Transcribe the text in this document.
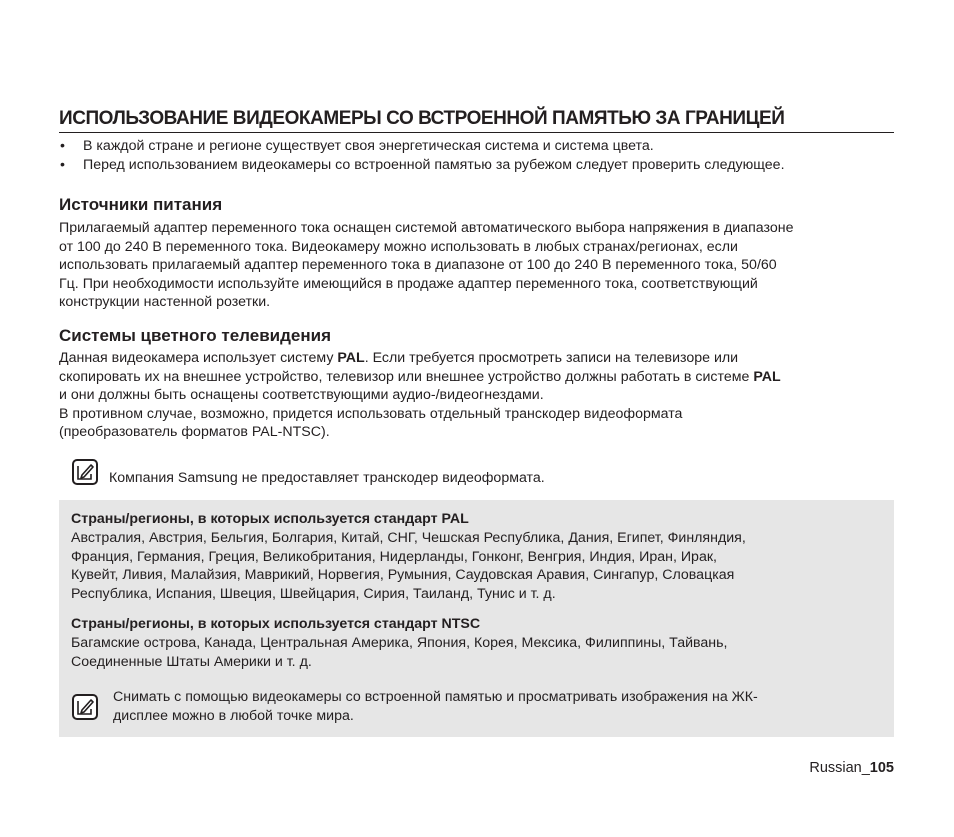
ИСПОЛЬЗОВАНИЕ ВИДЕОКАМЕРЫ СО ВСТРОЕННОЙ ПАМЯТЬЮ ЗА ГРАНИЦЕЙ
• В каждой стране и регионе существует своя энергетическая система и система цвета.
• Перед использованием видеокамеры со встроенной памятью за рубежом следует проверить следующее.
Источники питания
Прилагаемый адаптер переменного тока оснащен системой автоматического выбора напряжения в диапазоне
от 100 до 240 В переменного тока. Видеокамеру можно использовать в любых странах/регионах, если
использовать прилагаемый адаптер переменного тока в диапазоне от 100 до 240 В переменного тока, 50/60
Гц. При необходимости используйте имеющийся в продаже адаптер переменного тока, соответствующий
конструкции настенной розетки.
Системы цветного телевидения
Данная видеокамера использует систему PAL. Если требуется просмотреть записи на телевизоре или
скопировать их на внешнее устройство, телевизор или внешнее устройство должны работать в системе PAL
и они должны быть оснащены соответствующими аудио-/видеогнездами.
В противном случае, возможно, придется использовать отдельный транскодер видеоформата
(преобразователь форматов PAL-NTSC).
Компания Samsung не предоставляет транскодер видеоформата.
Страны/регионы, в которых используется стандарт PAL
Австралия, Австрия, Бельгия, Болгария, Китай, СНГ, Чешская Республика, Дания, Египет, Финляндия,
Франция, Германия, Греция, Великобритания, Нидерланды, Гонконг, Венгрия, Индия, Иран, Ирак,
Кувейт, Ливия, Малайзия, Маврикий, Норвегия, Румыния, Саудовская Аравия, Сингапур, Словацкая
Республика, Испания, Швеция, Швейцария, Сирия, Таиланд, Тунис и т. д.
Страны/регионы, в которых используется стандарт NTSC
Багамские острова, Канада, Центральная Америка, Япония, Корея, Мексика, Филиппины, Тайвань,
Соединенные Штаты Америки и т. д.
Снимать с помощью видеокамеры со встроенной памятью и просматривать изображения на ЖК-
дисплее можно в любой точке мира.
Russian_105
